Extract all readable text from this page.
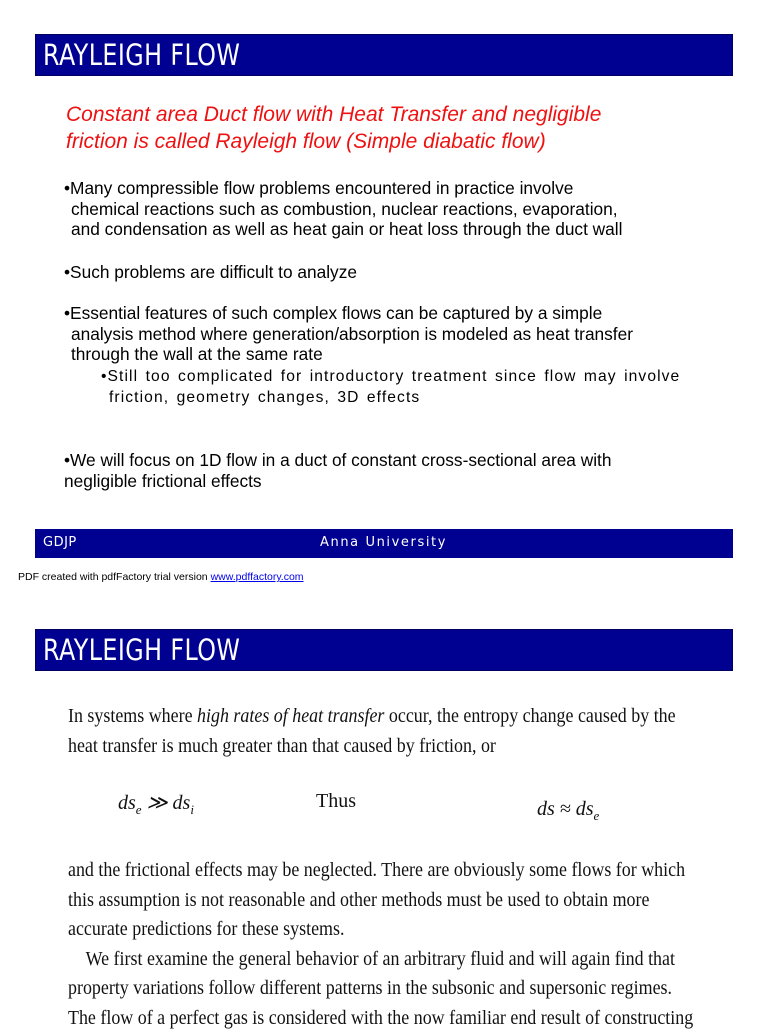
RAYLEIGH FLOW
Constant area Duct flow with Heat Transfer and negligible
friction is called Rayleigh flow (Simple diabatic flow)
•Many compressible flow problems encountered in practice involve
chemical reactions such as combustion, nuclear reactions, evaporation,
and condensation as well as heat gain or heat loss through the duct wall
•Such problems are difficult to analyze
•Essential features of such complex flows can be captured by a simple
analysis method where generation/absorption is modeled as heat transfer
through the wall at the same rate
•Still too complicated for introductory treatment since flow may involve
friction, geometry changes, 3D effects
•We will focus on 1D flow in a duct of constant cross-sectional area with
negligible frictional effects
GDJP	Anna University
PDF created with pdfFactory trial version www.pdffactory.com
RAYLEIGH FLOW
In systems where high rates of heat transfer occur, the entropy change caused by the
heat transfer is much greater than that caused by friction, or
$ds_e$ ≫ $ds_i$	Thus	ds ≈ $ds_e$
and the frictional effects may be neglected. There are obviously some flows for which
this assumption is not reasonable and other methods must be used to obtain more
accurate predictions for these systems.
We first examine the general behavior of an arbitrary fluid and will again find that
property variations follow different patterns in the subsonic and supersonic regimes.
The flow of a perfect gas is considered with the now familiar end result of constructing
